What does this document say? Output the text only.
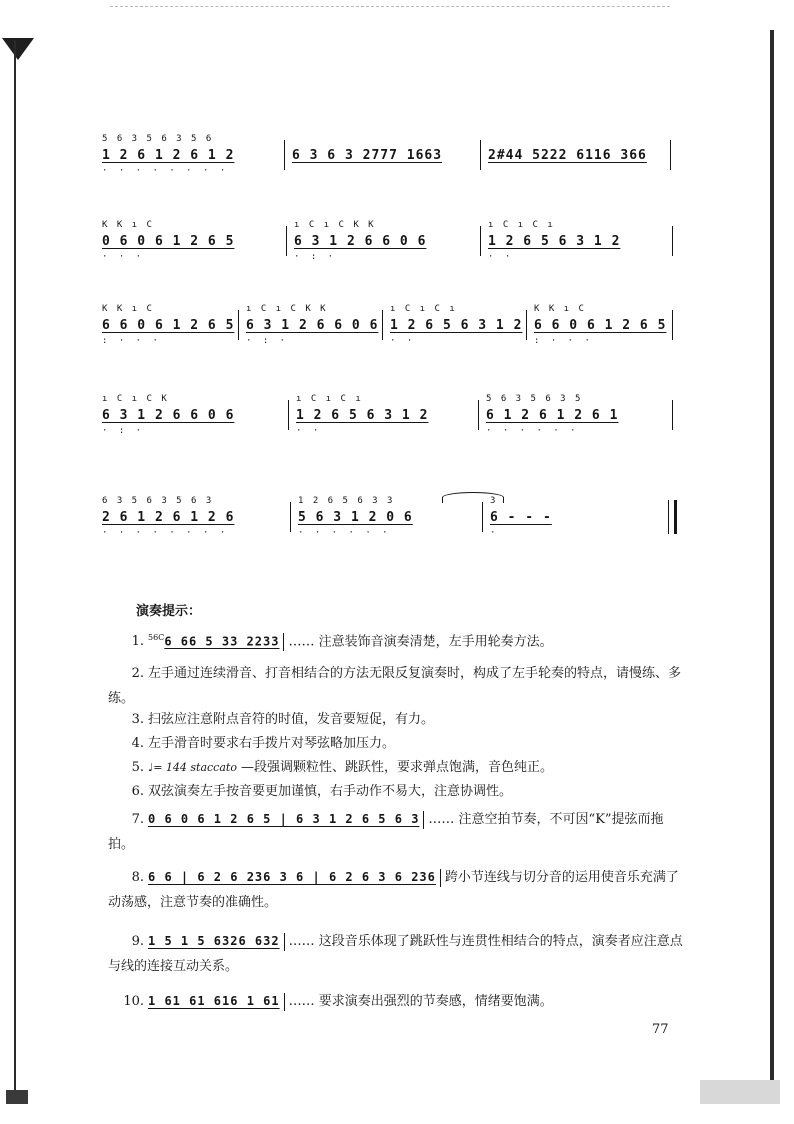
5 6 3 5 6 3 5 6
1 2 6 1 2 6 1 2
· · · · · · · ·
6 3 6 3 2777 1663	2#44 5222 6116 366
K K ı C
0 6 0 6 1 2 6 5
· · ·
ı C ı C K K
6 3 1 2 6 6 0 6
· : ·
ı C ı C ı
1 2 6 5 6 3 1 2
· ·
K K ı C
6 6 0 6 1 2 6 5
: · · ·
ı C ı C K K
6 3 1 2 6 6 0 6
· : ·
ı C ı C ı
1 2 6 5 6 3 1 2
· ·
K K ı C
6 6 0 6 1 2 6 5
: · · ·
ı C ı C K
6 3 1 2 6 6 0 6
· : ·
ı C ı C ı
1 2 6 5 6 3 1 2
· ·
5 6 3 5 6 3 5
6 1 2 6 1 2 6 1
· · · · · ·
6 3 5 6 3 5 6 3
2 6 1 2 6 1 2 6
· · · · · · · ·
1 2 6 5 6 3 3
5 6 3 1 2 0 6
· · · · · ·
3
6 - - -
·
演奏提示：
1. $^{56C}$6 66 5 33 2233 …… 注意装饰音演奏清楚，左手用轮奏方法。
2. 左手通过连续滑音、打音相结合的方法无限反复演奏时，构成了左手轮奏的特点，请慢练、多练。
3. 扫弦应注意附点音符的时值，发音要短促，有力。
4. 左手滑音时要求右手拨片对琴弦略加压力。
5. ♩= 144 staccato —段强调颗粒性、跳跃性，要求弹点饱满，音色纯正。
6. 双弦演奏左手按音要更加谨慎，右手动作不易大，注意协调性。
7. 0 6 0 6 1 2 6 5 | 6 3 1 2 6 5 6 3 …… 注意空拍节奏，不可因“K”提弦而拖拍。
8. 6 6 | 6 2 6 236 3 6 | 6 2 6 3 6 236 跨小节连线与切分音的运用使音乐充满了动荡感，注意节奏的准确性。
9. 1 5 1 5 6326 632 …… 这段音乐体现了跳跃性与连贯性相结合的特点，演奏者应注意点与线的连接互动关系。
10. 1 61 61 616 1 61 …… 要求演奏出强烈的节奏感，情绪要饱满。
77
